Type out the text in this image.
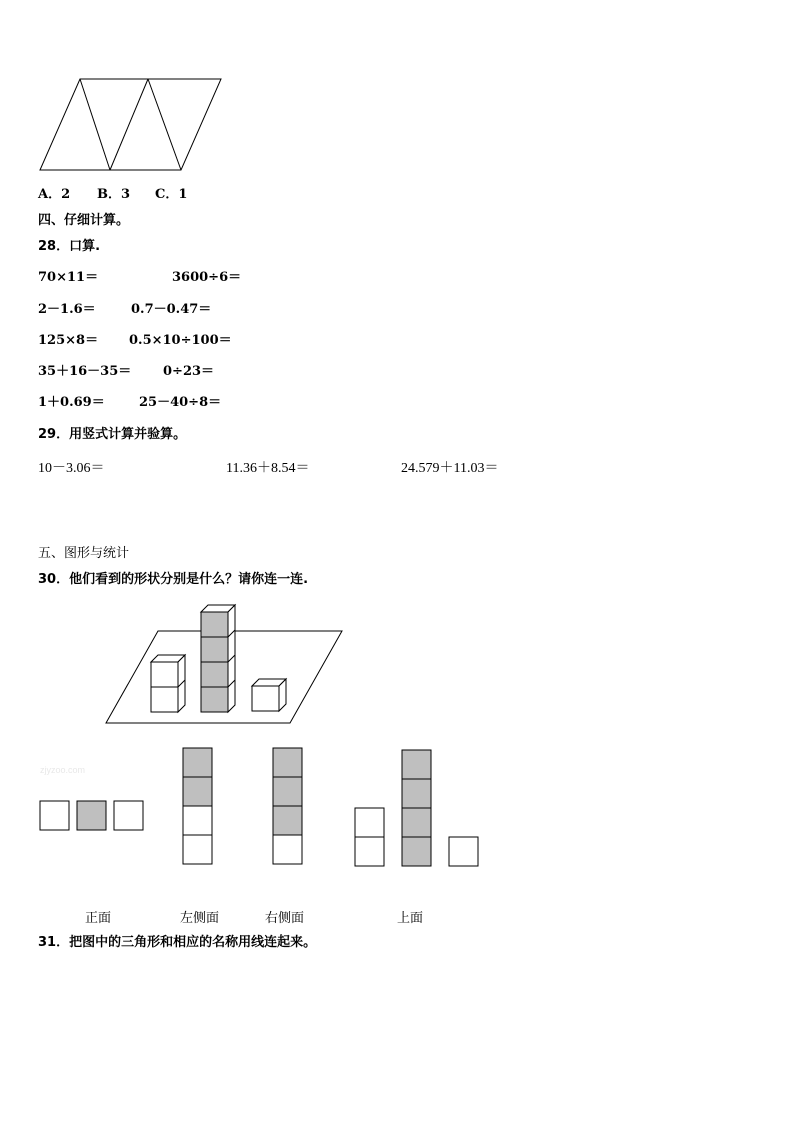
A．2 B．3 C．1
四、仔细计算。
28．口算.
70×11＝	3600÷6＝
2－1.6＝	0.7－0.47＝
125×8＝ 0.5×10÷100＝
35＋16－35＝ 0÷23＝
1＋0.69＝	25－40÷8＝
29．用竖式计算并验算。
10－3.06＝	11.36＋8.54＝	24.579＋11.03＝
五、图形与统计
30．他们看到的形状分别是什么？请你连一连.
zjyzoo.com
正面	左侧面	右侧面	上面
31．把图中的三角形和相应的名称用线连起来。
